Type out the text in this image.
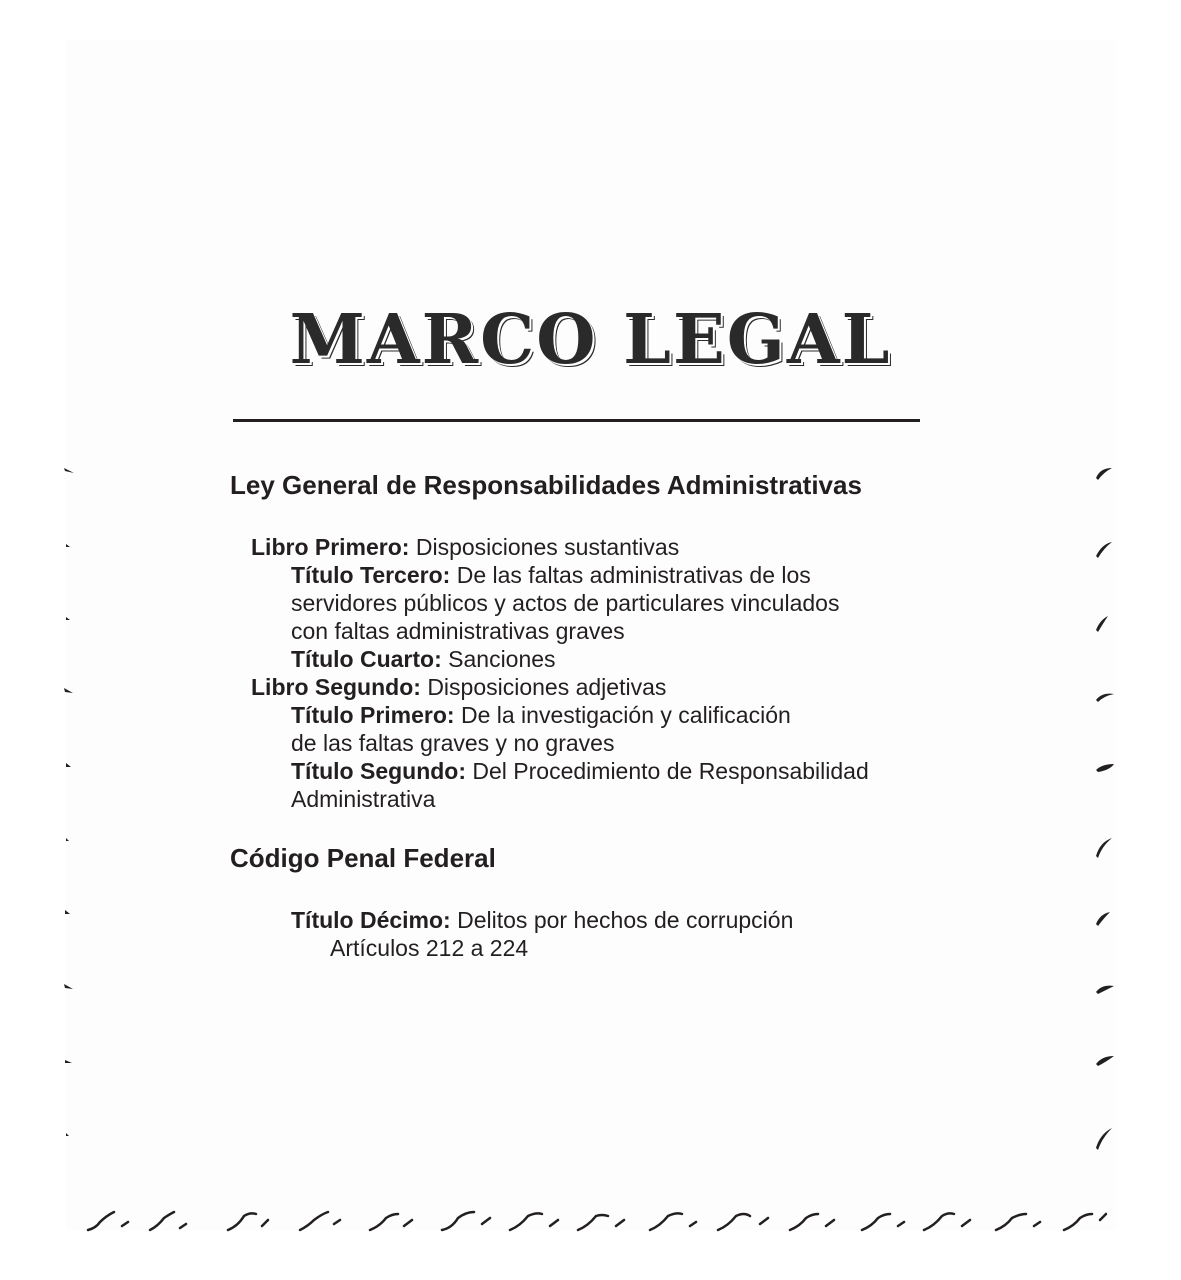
MARCO LEGAL
Ley General de Responsabilidades Administrativas
Libro Primero: Disposiciones sustantivas
Título Tercero: De las faltas administrativas de los
servidores públicos y actos de particulares vinculados
con faltas administrativas graves
Título Cuarto: Sanciones
Libro Segundo: Disposiciones adjetivas
Título Primero: De la investigación y calificación
de las faltas graves y no graves
Título Segundo: Del Procedimiento de Responsabilidad
Administrativa
Código Penal Federal
Título Décimo: Delitos por hechos de corrupción
Artículos 212 a 224
